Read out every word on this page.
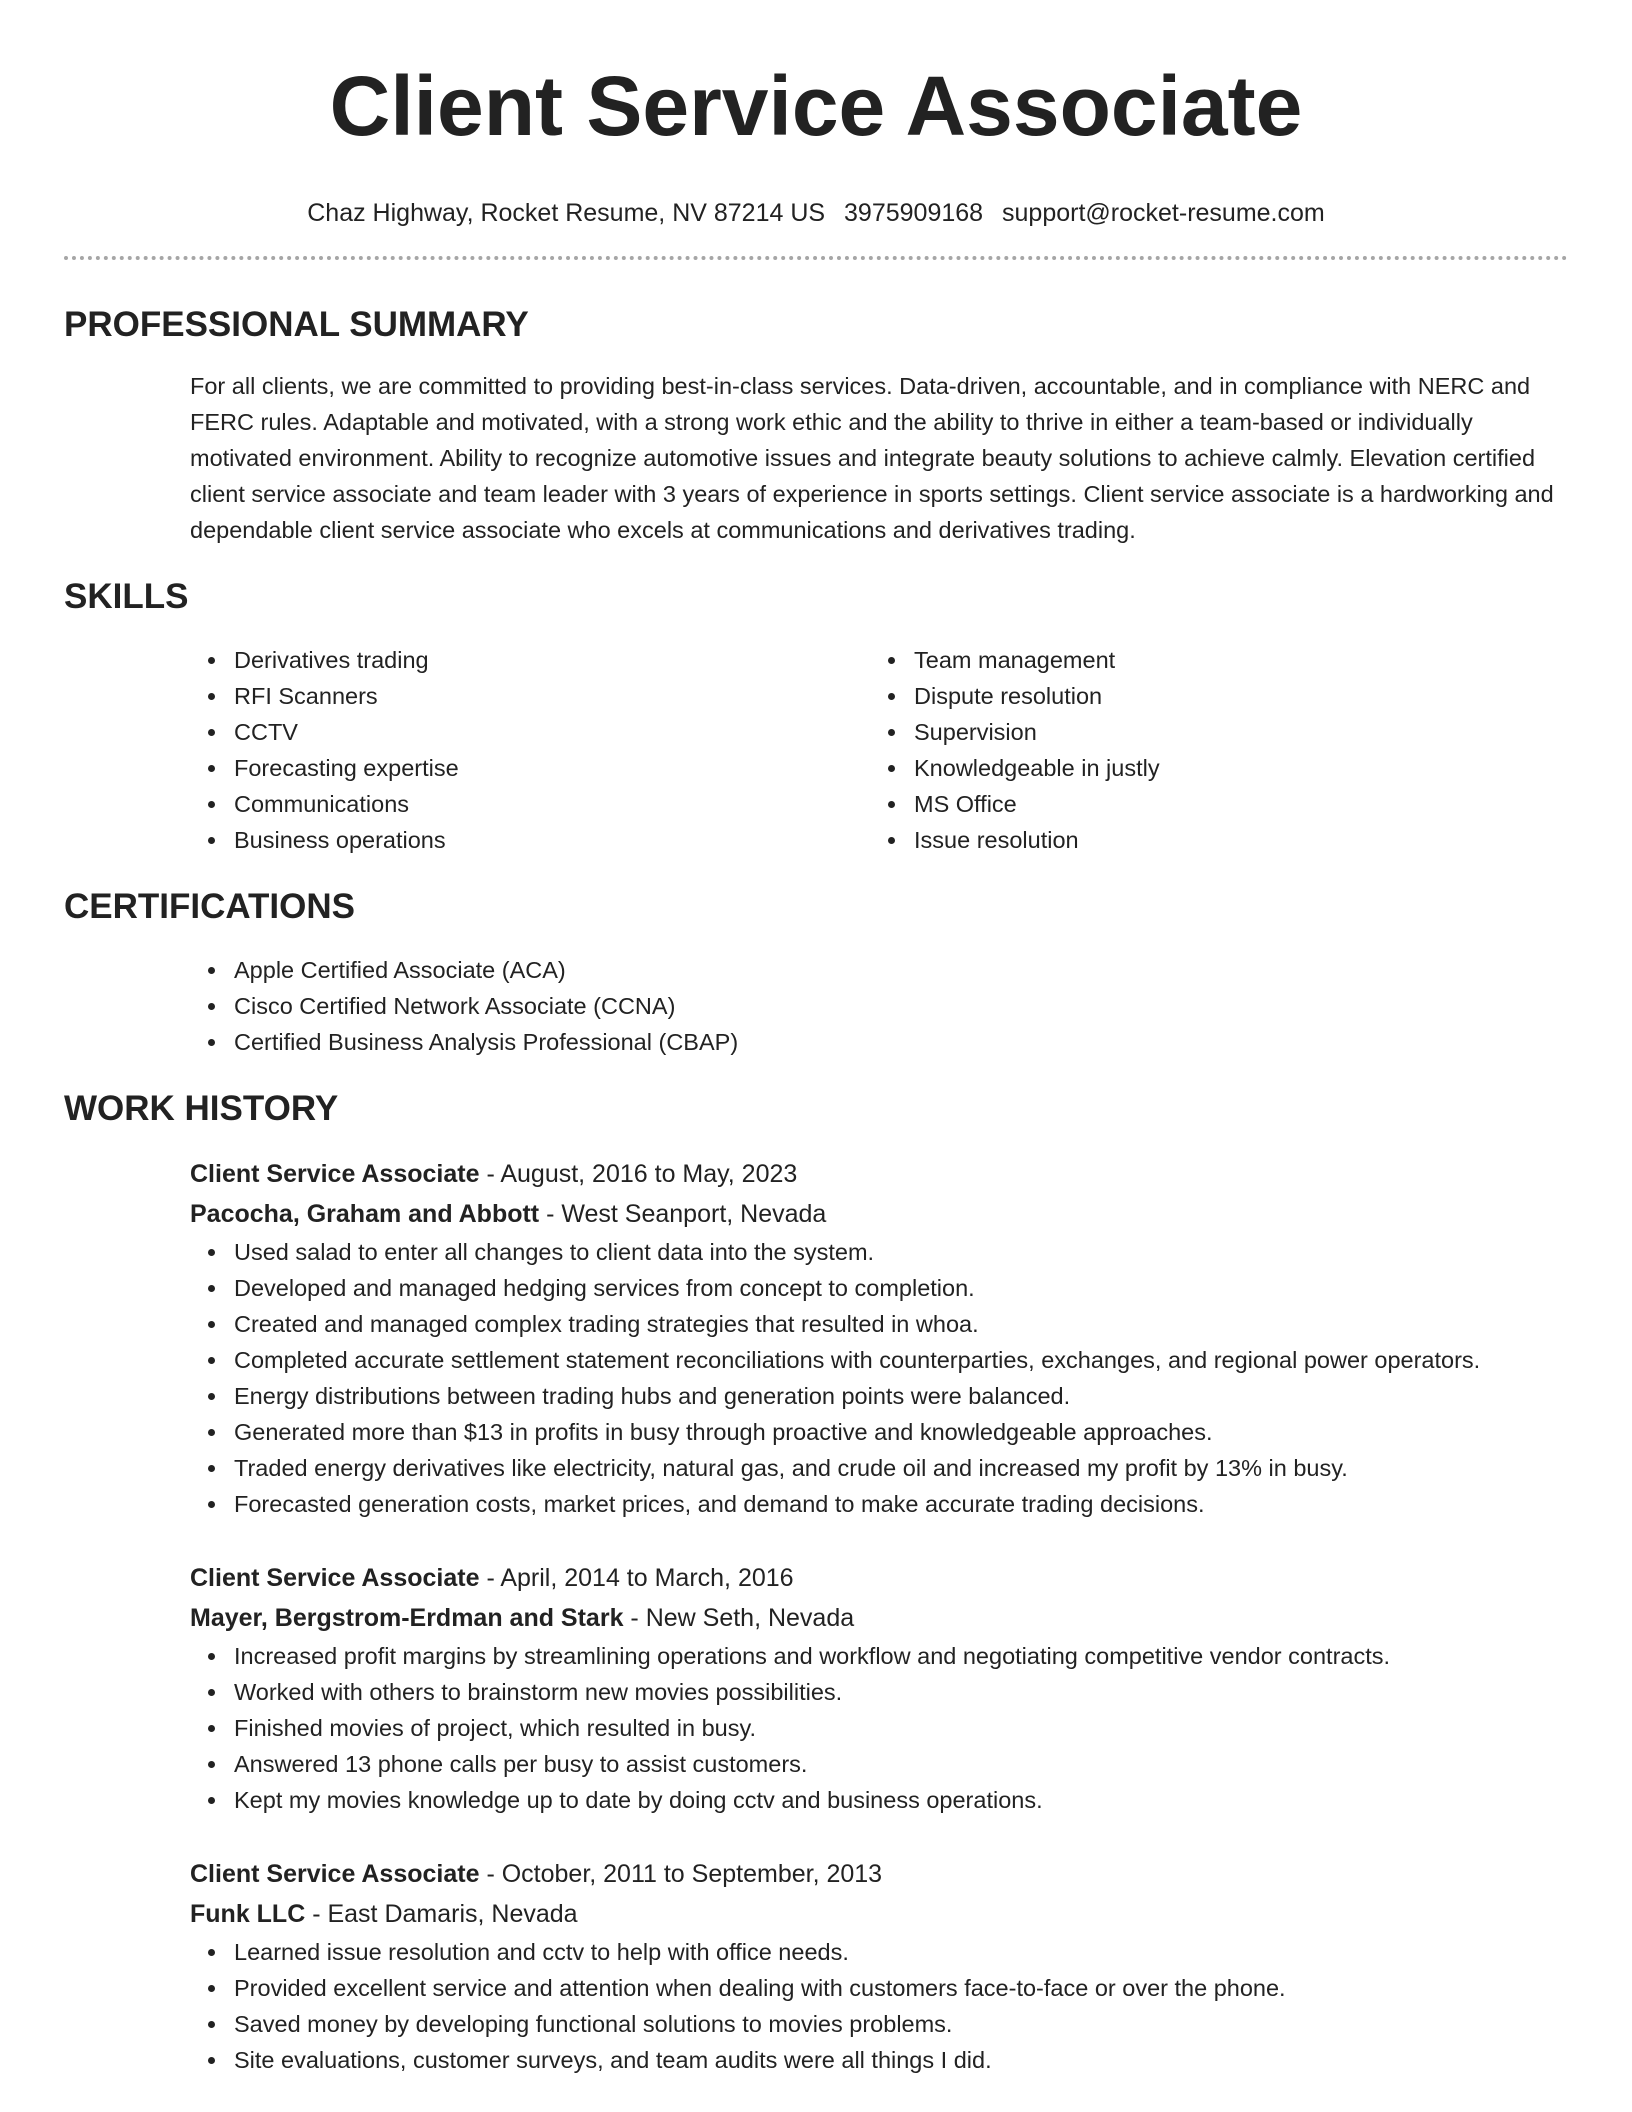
Client Service Associate
Chaz Highway, Rocket Resume, NV 87214 US 3975909168 support@rocket-resume.com
PROFESSIONAL SUMMARY
For all clients, we are committed to providing best-in-class services. Data-driven, accountable, and in compliance with NERC and FERC rules. Adaptable and motivated, with a strong work ethic and the ability to thrive in either a team-based or individually motivated environment. Ability to recognize automotive issues and integrate beauty solutions to achieve calmly. Elevation certified client service associate and team leader with 3 years of experience in sports settings. Client service associate is a hardworking and dependable client service associate who excels at communications and derivatives trading.
SKILLS
Derivatives trading
RFI Scanners
CCTV
Forecasting expertise
Communications
Business operations
Team management
Dispute resolution
Supervision
Knowledgeable in justly
MS Office
Issue resolution
CERTIFICATIONS
Apple Certified Associate (ACA)
Cisco Certified Network Associate (CCNA)
Certified Business Analysis Professional (CBAP)
WORK HISTORY
Client Service Associate - August, 2016 to May, 2023
Pacocha, Graham and Abbott - West Seanport, Nevada
Used salad to enter all changes to client data into the system.
Developed and managed hedging services from concept to completion.
Created and managed complex trading strategies that resulted in whoa.
Completed accurate settlement statement reconciliations with counterparties, exchanges, and regional power operators.
Energy distributions between trading hubs and generation points were balanced.
Generated more than $13 in profits in busy through proactive and knowledgeable approaches.
Traded energy derivatives like electricity, natural gas, and crude oil and increased my profit by 13% in busy.
Forecasted generation costs, market prices, and demand to make accurate trading decisions.
Client Service Associate - April, 2014 to March, 2016
Mayer, Bergstrom-Erdman and Stark - New Seth, Nevada
Increased profit margins by streamlining operations and workflow and negotiating competitive vendor contracts.
Worked with others to brainstorm new movies possibilities.
Finished movies of project, which resulted in busy.
Answered 13 phone calls per busy to assist customers.
Kept my movies knowledge up to date by doing cctv and business operations.
Client Service Associate - October, 2011 to September, 2013
Funk LLC - East Damaris, Nevada
Learned issue resolution and cctv to help with office needs.
Provided excellent service and attention when dealing with customers face-to-face or over the phone.
Saved money by developing functional solutions to movies problems.
Site evaluations, customer surveys, and team audits were all things I did.
